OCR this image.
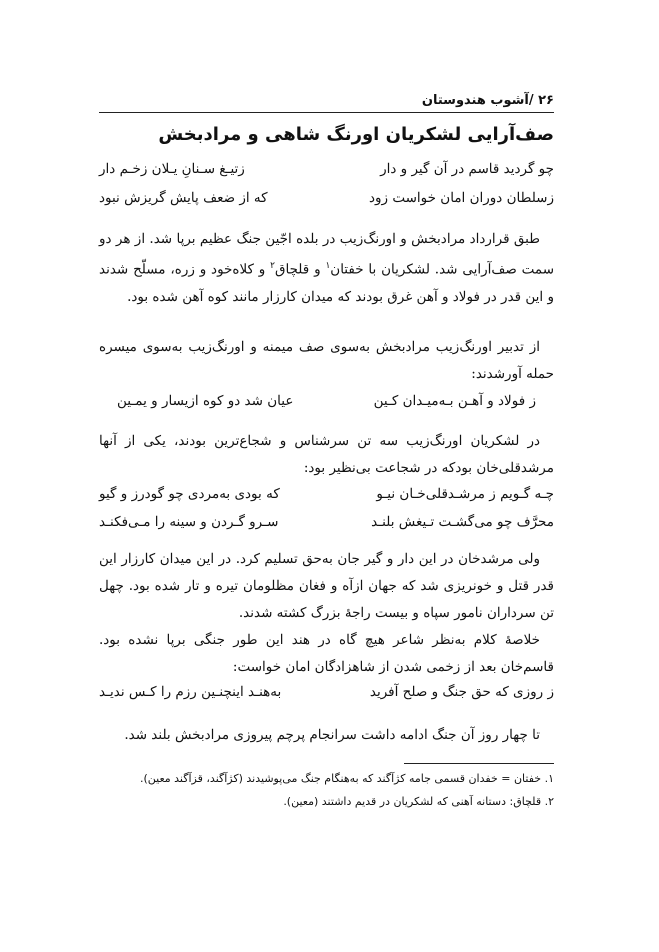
۲۶ /آشوب هندوستان
صف‌آرایی لشکریان اورنگ شاهی و مرادبخش
چو گردید قاسم در آن گیر و دار
زتیـغ سـنانِ یـلان زخـم دار
زسلطان دوران امان خواست زود
که از ضعف پایش گریزش نبود
طبق قرارداد مرادبخش و اورنگ‌زیب در بلده اجّین جنگ عظیم برپا شد. از هر دو سمت صف‌آرایی شد. لشکریان با خفتان$^۱$ و قلچاق$^۲$ و کلاه‌خود و زره، مسلّح شدند و این قدر در فولاد و آهن غرق بودند که میدان کارزار مانند کوه آهن شده بود.
از تدبیر اورنگ‌زیب مرادبخش به‌سوی صف میمنه و اورنگ‌زیب به‌سوی میسره حمله آورشدند:
ز فولاد و آهـن بـه‌میـدان کـین
عیان شد دو کوه ازیسار و یمـین
در لشکریان اورنگ‌زیب سه تن سرشناس و شجاع‌ترین بودند، یکی از آنها مرشدقلی‌خان بودکه در شجاعت بی‌نظیر بود:
چـه گـویم ز مرشـدقلی‌خـان نیـو
که بودی به‌مردی چو گودرز و گیو
محرَّف چو می‌گشـت تـیغش بلنـد
سـرو گـردن و سینه را مـی‌فکنـد
ولی مرشدخان در این دار و گیر جان به‌حق تسلیم کرد. در این میدان کارزار این قدر قتل و خونریزی شد که جهان ازآه و فغان مظلومان تیره و تار شده بود. چهل تن سرداران نامور سپاه و بیست راجهٔ بزرگ کشته شدند.
خلاصهٔ کلام به‌نظر شاعر هیچ گاه در هند این طور جنگی برپا نشده بود. قاسم‌خان بعد از زخمی شدن از شاهزادگان امان خواست:
ز روزی که حق جنگ و صلح آفرید
به‌هنـد اینچنـین رزم را کـس ندیـد
تا چهار روز آن جنگ ادامه داشت سرانجام پرچم پیروزی مرادبخش بلند شد.
۱. خفتان = خفدان قسمی جامه کژآگند که به‌هنگام جنگ می‌پوشیدند (کژآگند، قزآگند معین).
۲. قلچاق: دستانه آهنی که لشکریان در قدیم داشتند (معین).
